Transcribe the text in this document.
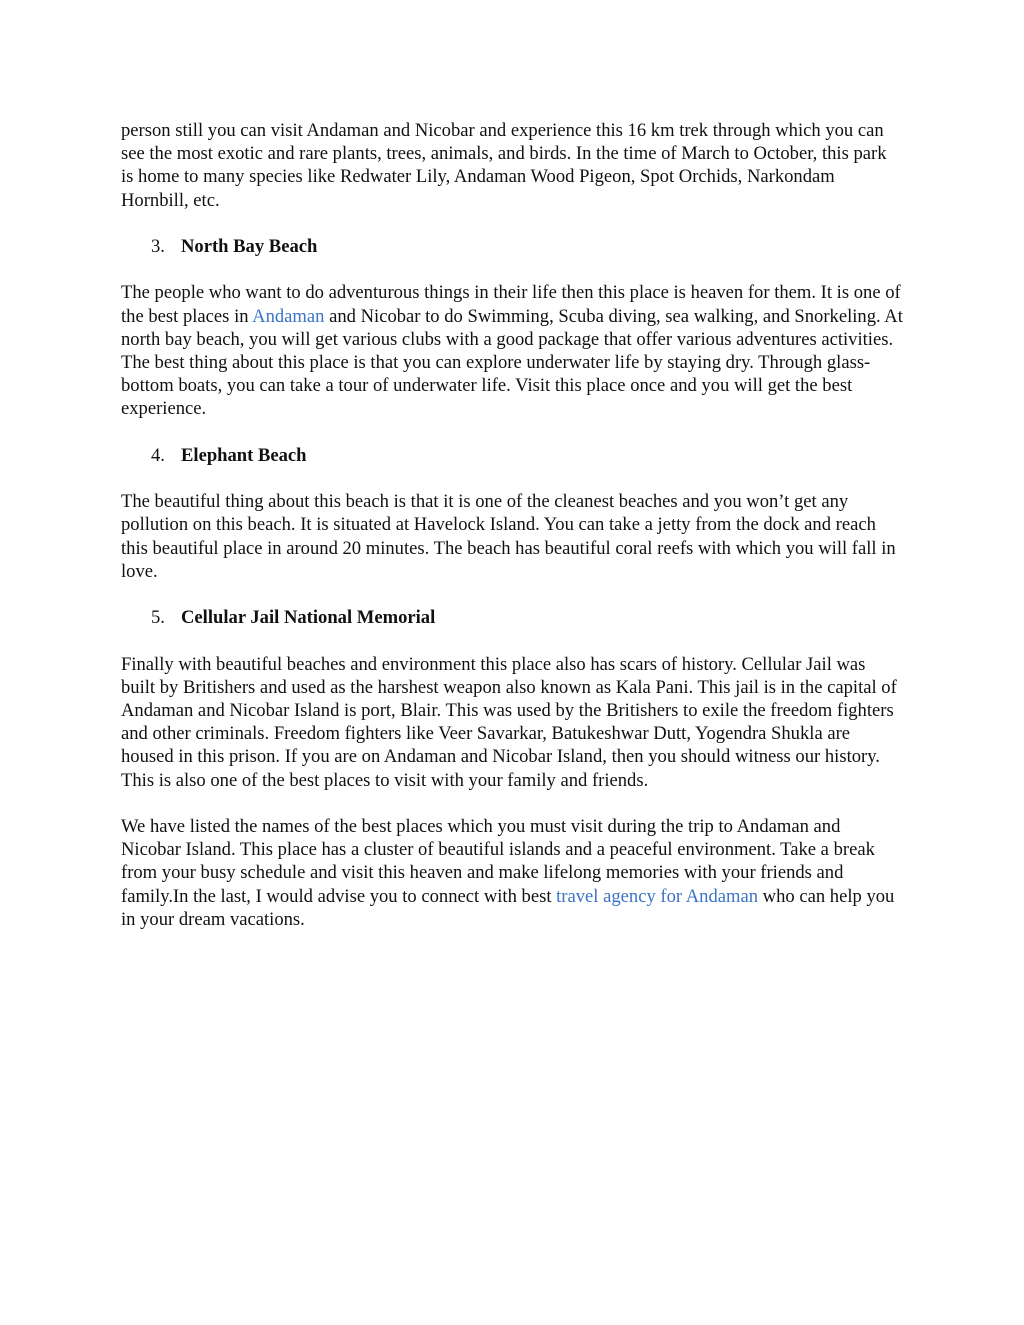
person still you can visit Andaman and Nicobar and experience this 16 km trek through which you can see the most exotic and rare plants, trees, animals, and birds. In the time of March to October, this park is home to many species like Redwater Lily, Andaman Wood Pigeon, Spot Orchids, Narkondam Hornbill, etc.

3. North Bay Beach

The people who want to do adventurous things in their life then this place is heaven for them. It is one of the best places in Andaman and Nicobar to do Swimming, Scuba diving, sea walking, and Snorkeling. At north bay beach, you will get various clubs with a good package that offer various adventures activities. The best thing about this place is that you can explore underwater life by staying dry. Through glass-bottom boats, you can take a tour of underwater life. Visit this place once and you will get the best experience.

4. Elephant Beach

The beautiful thing about this beach is that it is one of the cleanest beaches and you won’t get any pollution on this beach. It is situated at Havelock Island. You can take a jetty from the dock and reach this beautiful place in around 20 minutes. The beach has beautiful coral reefs with which you will fall in love.

5. Cellular Jail National Memorial

Finally with beautiful beaches and environment this place also has scars of history. Cellular Jail was built by Britishers and used as the harshest weapon also known as Kala Pani. This jail is in the capital of Andaman and Nicobar Island is port, Blair. This was used by the Britishers to exile the freedom fighters and other criminals. Freedom fighters like Veer Savarkar, Batukeshwar Dutt, Yogendra Shukla are housed in this prison. If you are on Andaman and Nicobar Island, then you should witness our history. This is also one of the best places to visit with your family and friends.

We have listed the names of the best places which you must visit during the trip to Andaman and Nicobar Island. This place has a cluster of beautiful islands and a peaceful environment. Take a break from your busy schedule and visit this heaven and make lifelong memories with your friends and family.In the last, I would advise you to connect with best travel agency for Andaman who can help you in your dream vacations.
